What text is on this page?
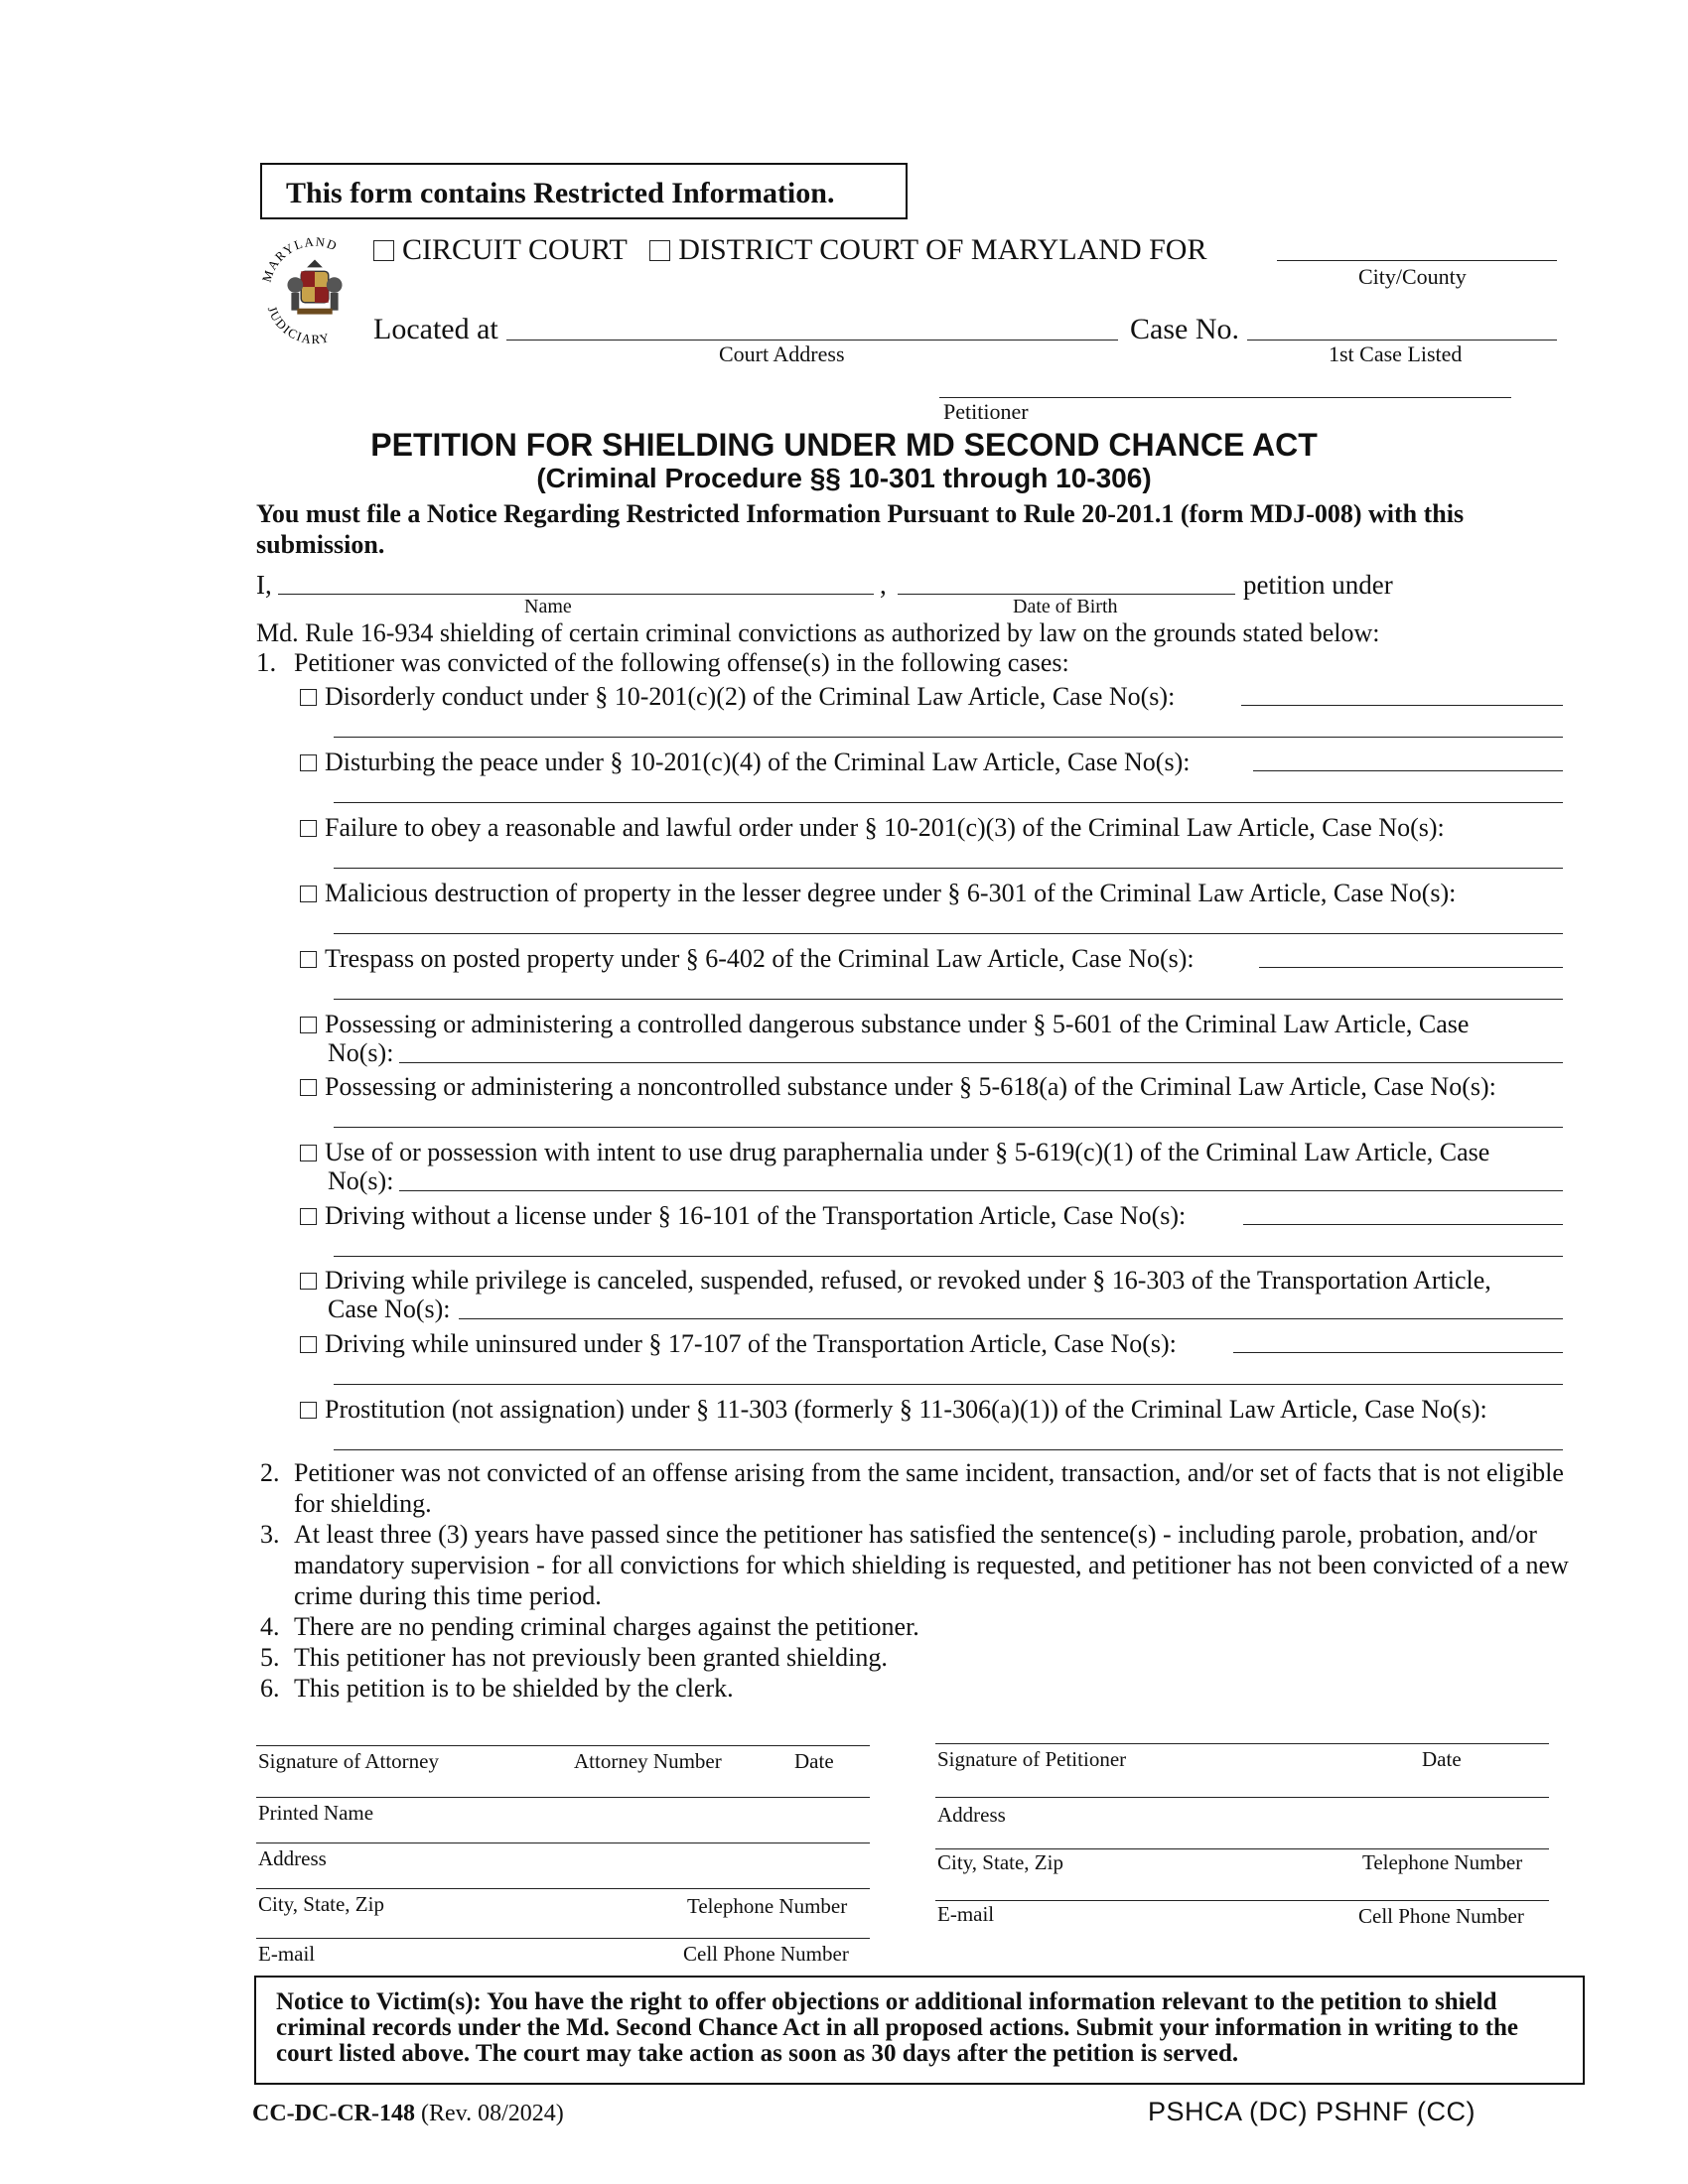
This form contains Restricted Information.
MARYLAND
JUDICIARY
CIRCUIT COURT DISTRICT COURT OF MARYLAND FOR
City/County
Located at
Court Address
Case No.
1st Case Listed
Petitioner
PETITION FOR SHIELDING UNDER MD SECOND CHANCE ACT
(Criminal Procedure §§ 10-301 through 10-306)
You must file a Notice Regarding Restricted Information Pursuant to Rule 20-201.1 (form MDJ-008) with this submission.
I,	,	petition under
Name	Date of Birth
Md. Rule 16-934 shielding of certain criminal convictions as authorized by law on the grounds stated below:
1. Petitioner was convicted of the following offense(s) in the following cases:
Disorderly conduct under § 10-201(c)(2) of the Criminal Law Article, Case No(s):
Disturbing the peace under § 10-201(c)(4) of the Criminal Law Article, Case No(s):
Failure to obey a reasonable and lawful order under § 10-201(c)(3) of the Criminal Law Article, Case No(s):
Malicious destruction of property in the lesser degree under § 6-301 of the Criminal Law Article, Case No(s):
Trespass on posted property under § 6-402 of the Criminal Law Article, Case No(s):
Possessing or administering a controlled dangerous substance under § 5-601 of the Criminal Law Article, Case
No(s):
Possessing or administering a noncontrolled substance under § 5-618(a) of the Criminal Law Article, Case No(s):
Use of or possession with intent to use drug paraphernalia under § 5-619(c)(1) of the Criminal Law Article, Case
No(s):
Driving without a license under § 16-101 of the Transportation Article, Case No(s):
Driving while privilege is canceled, suspended, refused, or revoked under § 16-303 of the Transportation Article,
Case No(s):
Driving while uninsured under § 17-107 of the Transportation Article, Case No(s):
Prostitution (not assignation) under § 11-303 (formerly § 11-306(a)(1)) of the Criminal Law Article, Case No(s):
2. Petitioner was not convicted of an offense arising from the same incident, transaction, and/or set of facts that is not eligible for shielding.
3. At least three (3) years have passed since the petitioner has satisfied the sentence(s) - including parole, probation, and/or mandatory supervision - for all convictions for which shielding is requested, and petitioner has not been convicted of a new crime during this time period.
4. There are no pending criminal charges against the petitioner.
5. This petitioner has not previously been granted shielding.
6. This petition is to be shielded by the clerk.
Signature of Attorney	Attorney Number	Date
Printed Name
Address
City, State, Zip	Telephone Number
E-mail	Cell Phone Number
Signature of Petitioner	Date
Address
City, State, Zip	Telephone Number
E-mail	Cell Phone Number
Notice to Victim(s): You have the right to offer objections or additional information relevant to the petition to shield criminal records under the Md. Second Chance Act in all proposed actions. Submit your information in writing to the court listed above. The court may take action as soon as 30 days after the petition is served.
CC-DC-CR-148 (Rev. 08/2024)	PSHCA (DC) PSHNF (CC)
